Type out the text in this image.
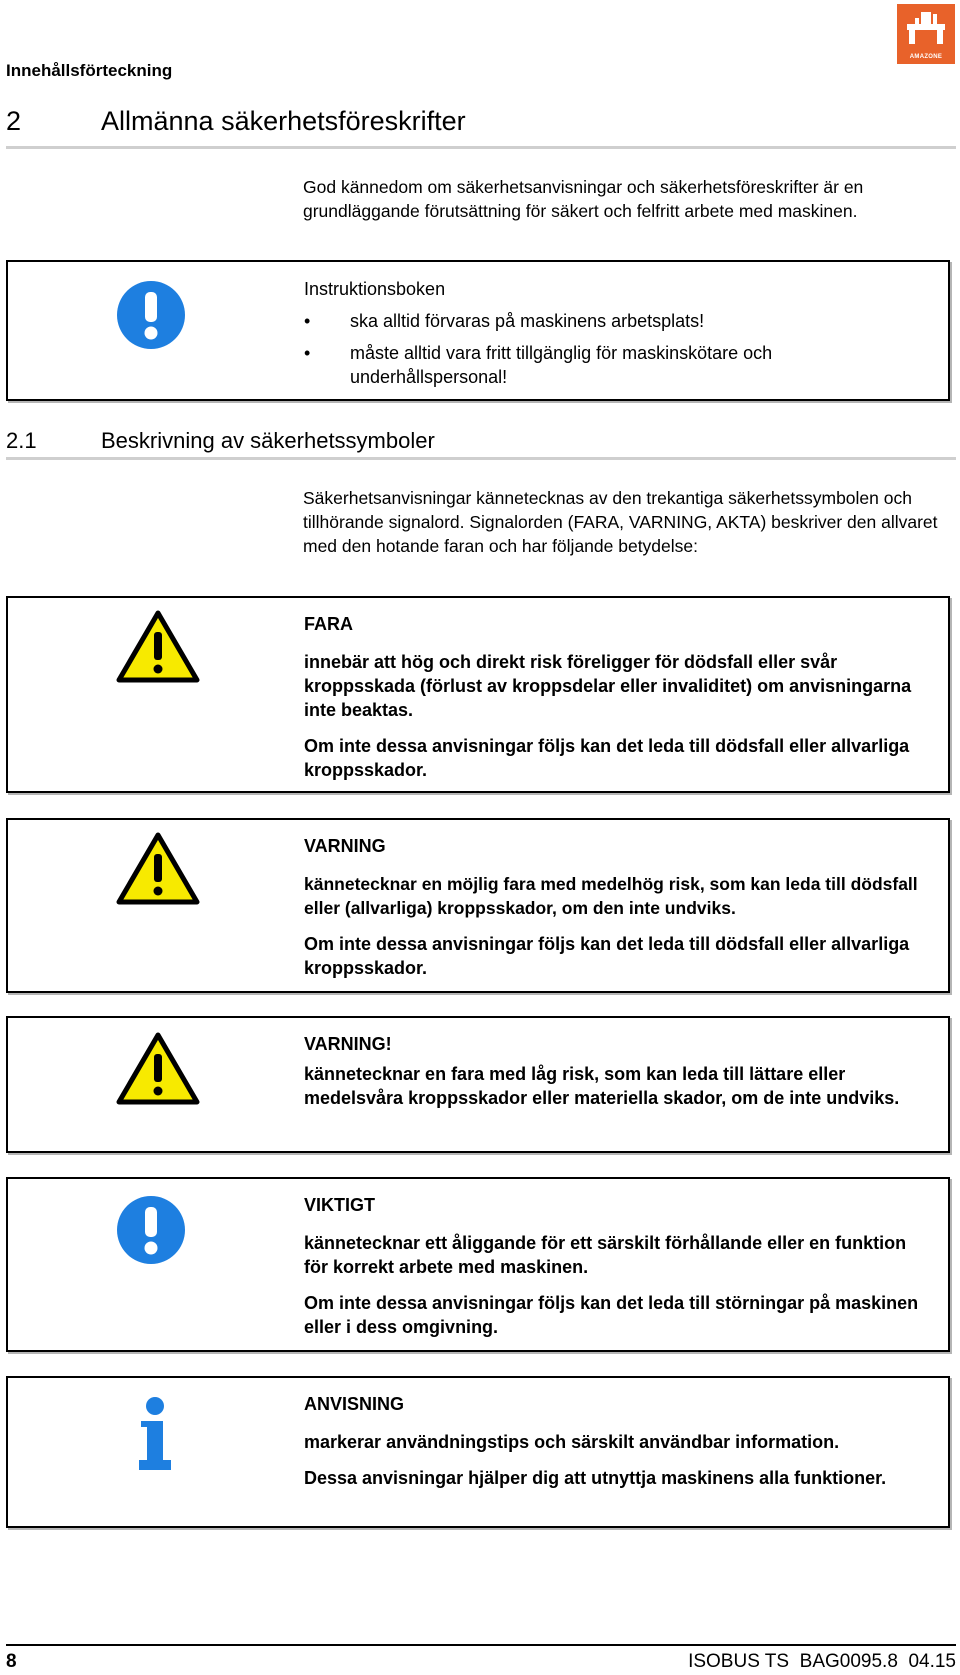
Innehållsförteckning
AMAZONE
2	Allmänna säkerhetsföreskrifter
God kännedom om säkerhetsanvisningar och säkerhetsföreskrifter är en grundläggande förutsättning för säkert och felfritt arbete med maskinen.
Instruktionsboken
• ska alltid förvaras på maskinens arbetsplats!
• måste alltid vara fritt tillgänglig för maskinskötare och underhållspersonal!
2.1	Beskrivning av säkerhetssymboler
Säkerhetsanvisningar kännetecknas av den trekantiga säkerhetssymbolen och tillhörande signalord. Signalorden (FARA, VARNING, AKTA) beskriver den allvaret med den hotande faran och har följande betydelse:
FARA
innebär att hög och direkt risk föreligger för dödsfall eller svår kroppsskada (förlust av kroppsdelar eller invaliditet) om anvisningarna inte beaktas.
Om inte dessa anvisningar följs kan det leda till dödsfall eller allvarliga kroppsskador.
VARNING
kännetecknar en möjlig fara med medelhög risk, som kan leda till dödsfall eller (allvarliga) kroppsskador, om den inte undviks.
Om inte dessa anvisningar följs kan det leda till dödsfall eller allvarliga kroppsskador.
VARNING!
kännetecknar en fara med låg risk, som kan leda till lättare eller medelsvåra kroppsskador eller materiella skador, om de inte undviks.
VIKTIGT
kännetecknar ett åliggande för ett särskilt förhållande eller en funktion för korrekt arbete med maskinen.
Om inte dessa anvisningar följs kan det leda till störningar på maskinen eller i dess omgivning.
ANVISNING
markerar användningstips och särskilt användbar information.
Dessa anvisningar hjälper dig att utnyttja maskinens alla funktioner.
8	ISOBUS TS  BAG0095.8  04.15
